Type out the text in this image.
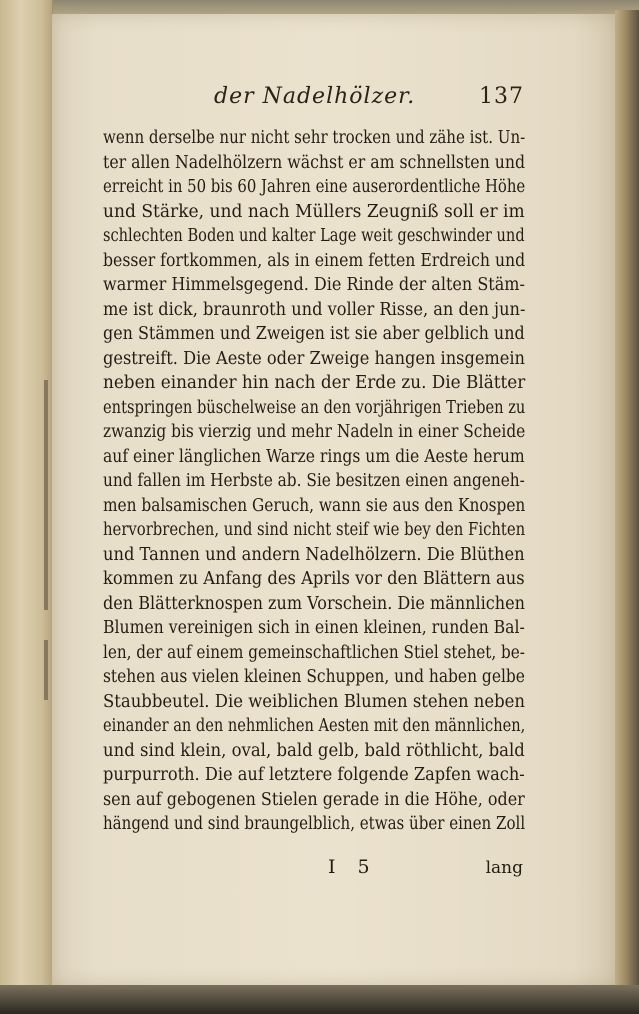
der Nadelhölzer.	137
wenn derselbe nur nicht sehr trocken und zähe ist. Un-
ter allen Nadelhölzern wächst er am schnellsten und
erreicht in 50 bis 60 Jahren eine auserordentliche Höhe
und Stärke, und nach Müllers Zeugniß soll er im
schlechten Boden und kalter Lage weit geschwinder und
besser fortkommen, als in einem fetten Erdreich und
warmer Himmelsgegend. Die Rinde der alten Stäm-
me ist dick, braunroth und voller Risse, an den jun-
gen Stämmen und Zweigen ist sie aber gelblich und
gestreift. Die Aeste oder Zweige hangen insgemein
neben einander hin nach der Erde zu. Die Blätter
entspringen büschelweise an den vorjährigen Trieben zu
zwanzig bis vierzig und mehr Nadeln in einer Scheide
auf einer länglichen Warze rings um die Aeste herum
und fallen im Herbste ab. Sie besitzen einen angeneh-
men balsamischen Geruch, wann sie aus den Knospen
hervorbrechen, und sind nicht steif wie bey den Fichten
und Tannen und andern Nadelhölzern. Die Blüthen
kommen zu Anfang des Aprils vor den Blättern aus
den Blätterknospen zum Vorschein. Die männlichen
Blumen vereinigen sich in einen kleinen, runden Bal-
len, der auf einem gemeinschaftlichen Stiel stehet, be-
stehen aus vielen kleinen Schuppen, und haben gelbe
Staubbeutel. Die weiblichen Blumen stehen neben
einander an den nehmlichen Aesten mit den männlichen,
und sind klein, oval, bald gelb, bald röthlicht, bald
purpurroth. Die auf letztere folgende Zapfen wach-
sen auf gebogenen Stielen gerade in die Höhe, oder
hängend und sind braungelblich, etwas über einen Zoll
I 5	lang
